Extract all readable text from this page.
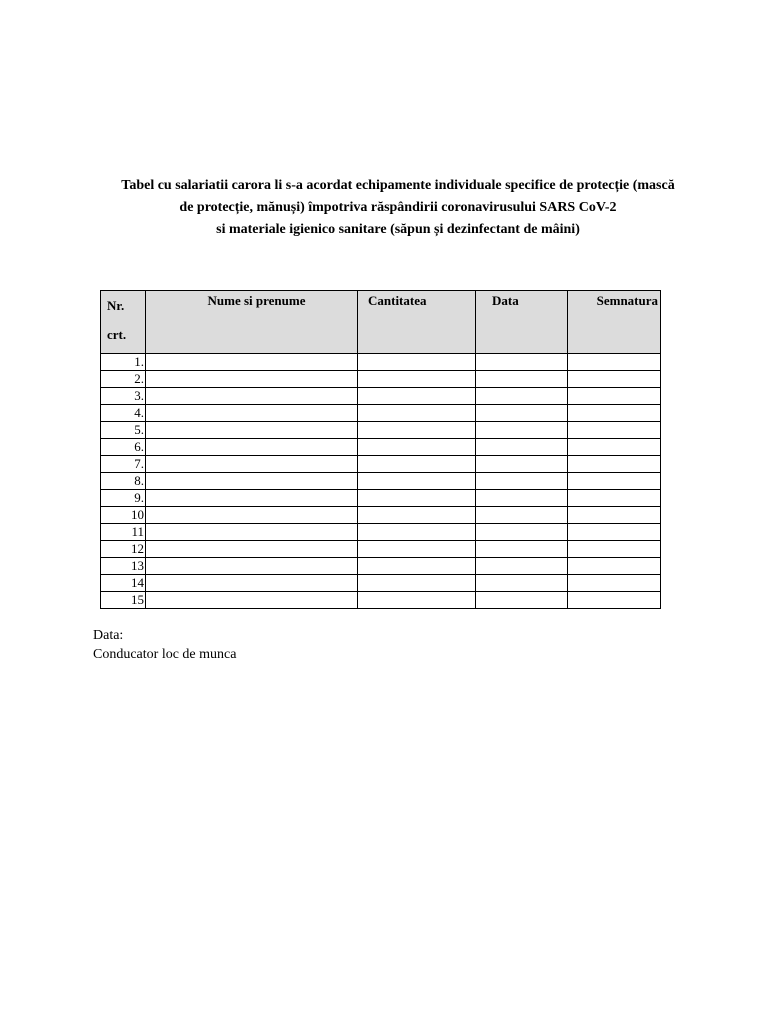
Tabel cu salariatii carora li s-a acordat echipamente individuale specifice de protecție (mască
de protecție, mănuși) împotriva răspândirii coronavirusului SARS CoV-2
si materiale igienico sanitare (săpun și dezinfectant de mâini)
Nr.
crt.	Nume si prenume	Cantitatea	Data	Semnatura
1.				
2.				
3.				
4.				
5.				
6.				
7.				
8.				
9.				
10				
11				
12				
13				
14				
15				
Data:
Conducator loc de munca
